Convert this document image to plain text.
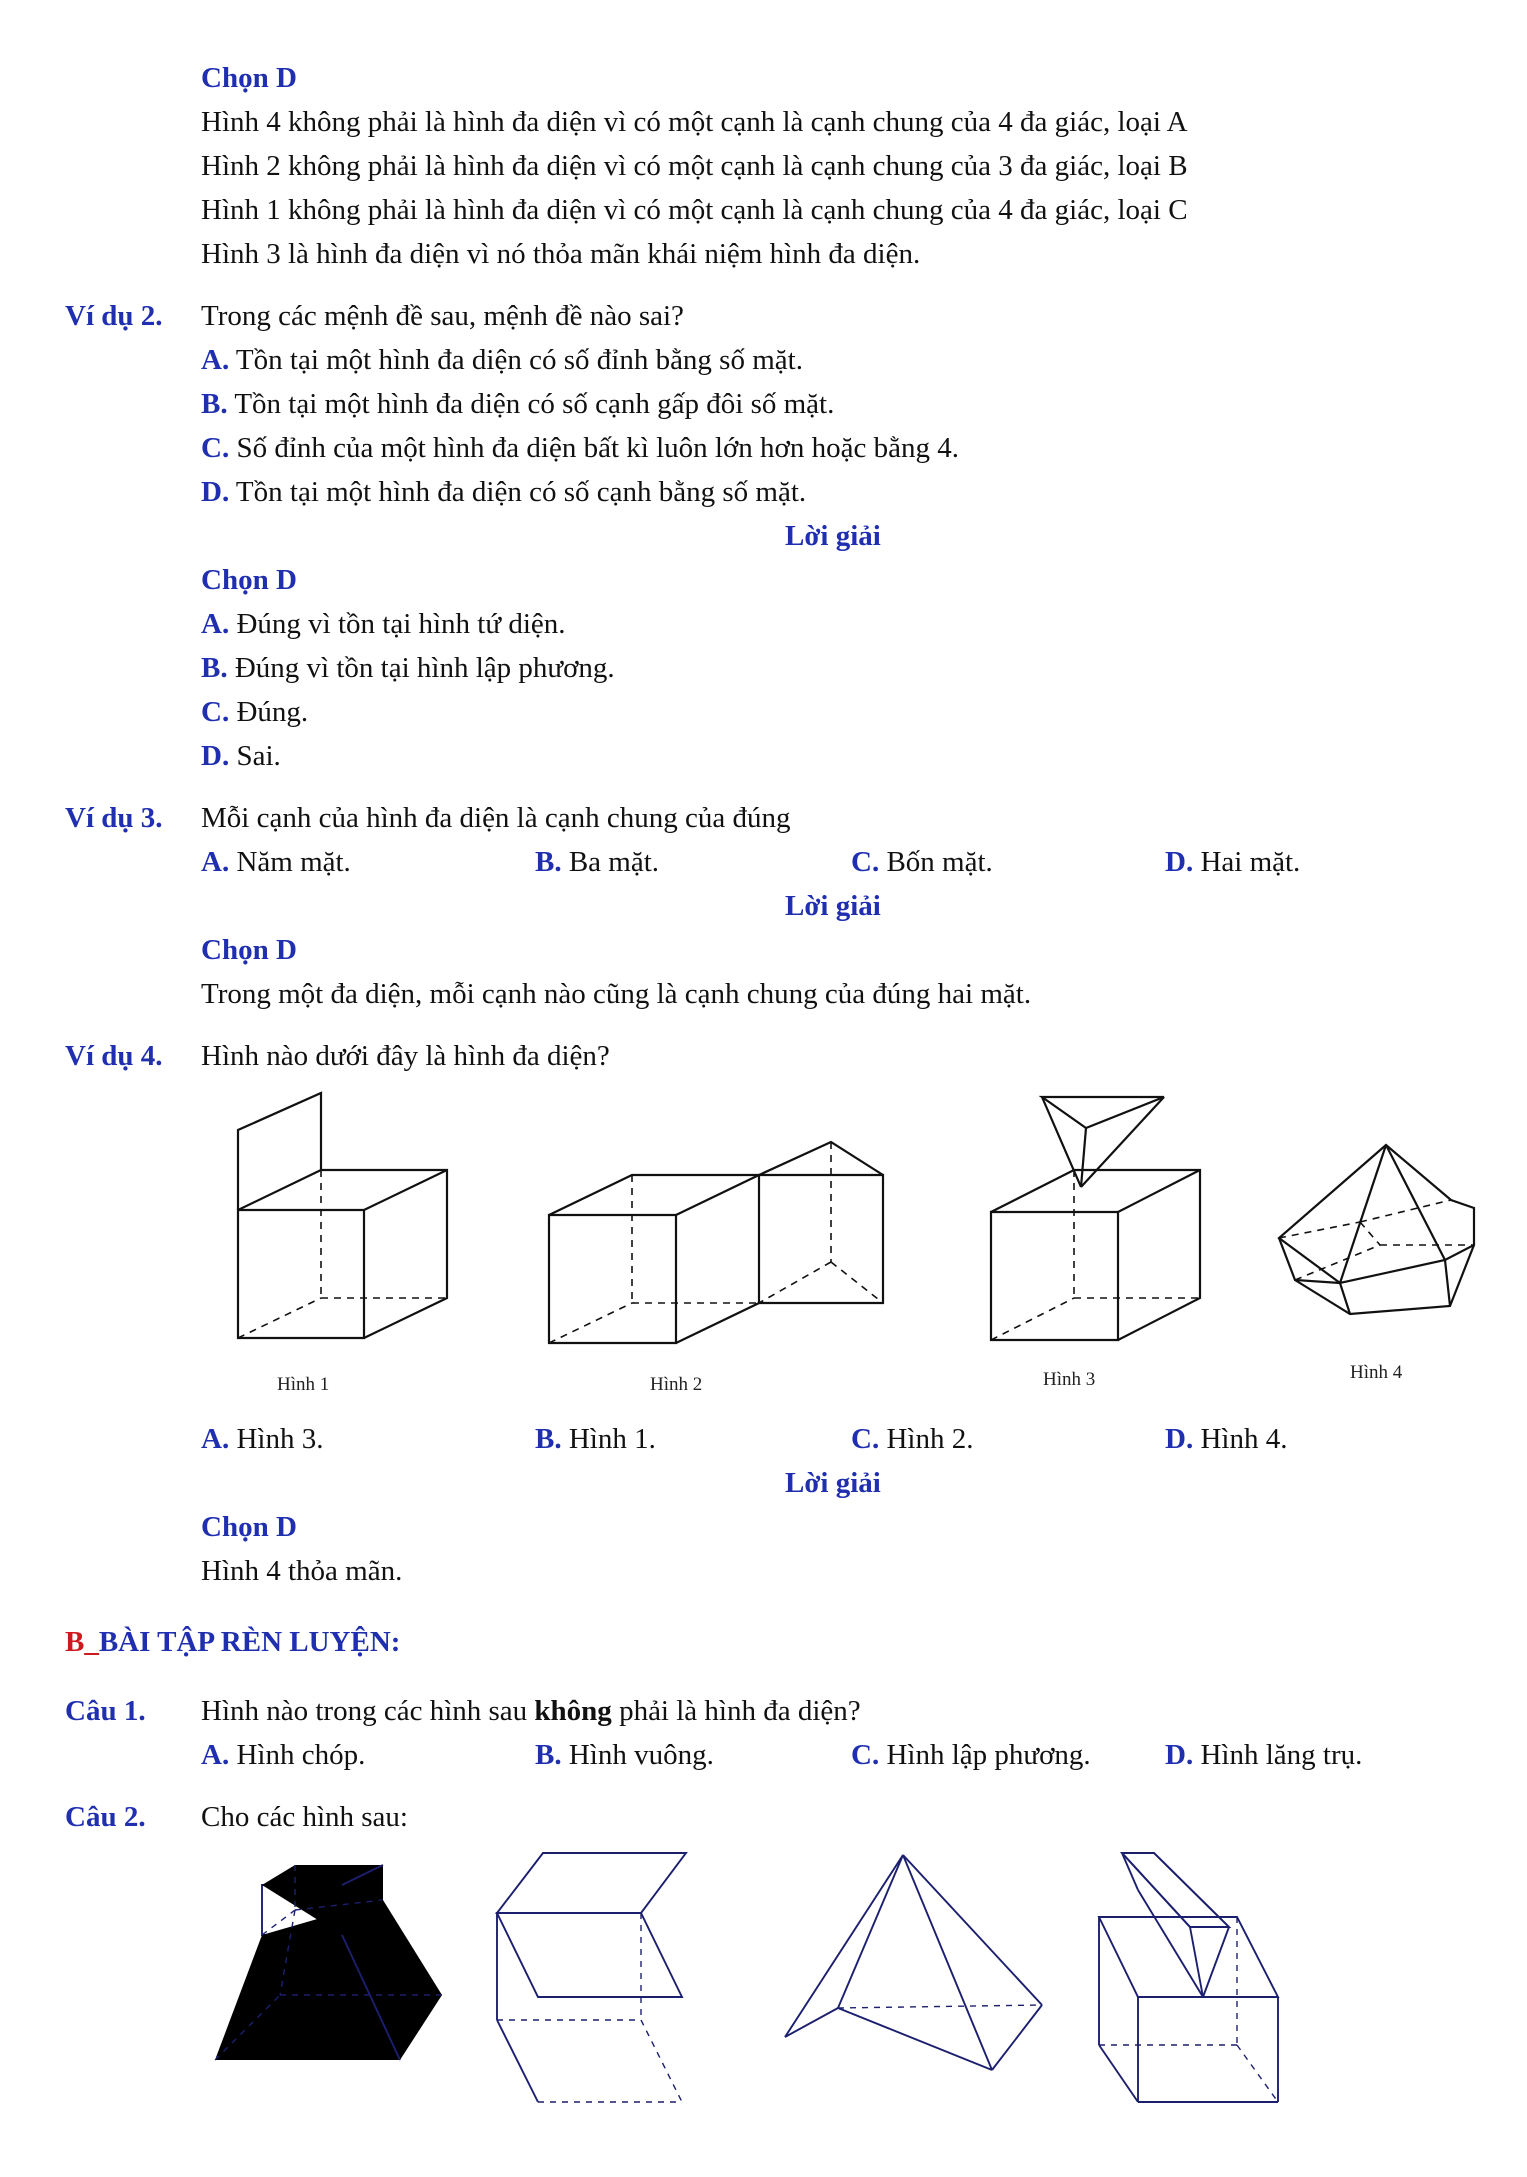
Chọn D
Hình 4 không phải là hình đa diện vì có một cạnh là cạnh chung của 4 đa giác, loại A
Hình 2 không phải là hình đa diện vì có một cạnh là cạnh chung của 3 đa giác, loại B
Hình 1 không phải là hình đa diện vì có một cạnh là cạnh chung của 4 đa giác, loại C
Hình 3 là hình đa diện vì nó thỏa mãn khái niệm hình đa diện.
Ví dụ 2. Trong các mệnh đề sau, mệnh đề nào sai?
A. Tồn tại một hình đa diện có số đỉnh bằng số mặt.
B. Tồn tại một hình đa diện có số cạnh gấp đôi số mặt.
C. Số đỉnh của một hình đa diện bất kì luôn lớn hơn hoặc bằng 4.
D. Tồn tại một hình đa diện có số cạnh bằng số mặt.
Lời giải
Chọn D
A. Đúng vì tồn tại hình tứ diện.
B. Đúng vì tồn tại hình lập phương.
C. Đúng.
D. Sai.
Ví dụ 3. Mỗi cạnh của hình đa diện là cạnh chung của đúng
A. Năm mặt.	B. Ba mặt.	C. Bốn mặt.	D. Hai mặt.
Lời giải
Chọn D
Trong một đa diện, mỗi cạnh nào cũng là cạnh chung của đúng hai mặt.
Ví dụ 4. Hình nào dưới đây là hình đa diện?
Hình 1	Hình 2	Hình 3	Hình 4
A. Hình 3.	B. Hình 1.	C. Hình 2.	D. Hình 4.
Lời giải
Chọn D
Hình 4 thỏa mãn.
B_BÀI TẬP RÈN LUYỆN:
Câu 1. Hình nào trong các hình sau không phải là hình đa diện?
A. Hình chóp.	B. Hình vuông.	C. Hình lập phương.	D. Hình lăng trụ.
Câu 2. Cho các hình sau:
